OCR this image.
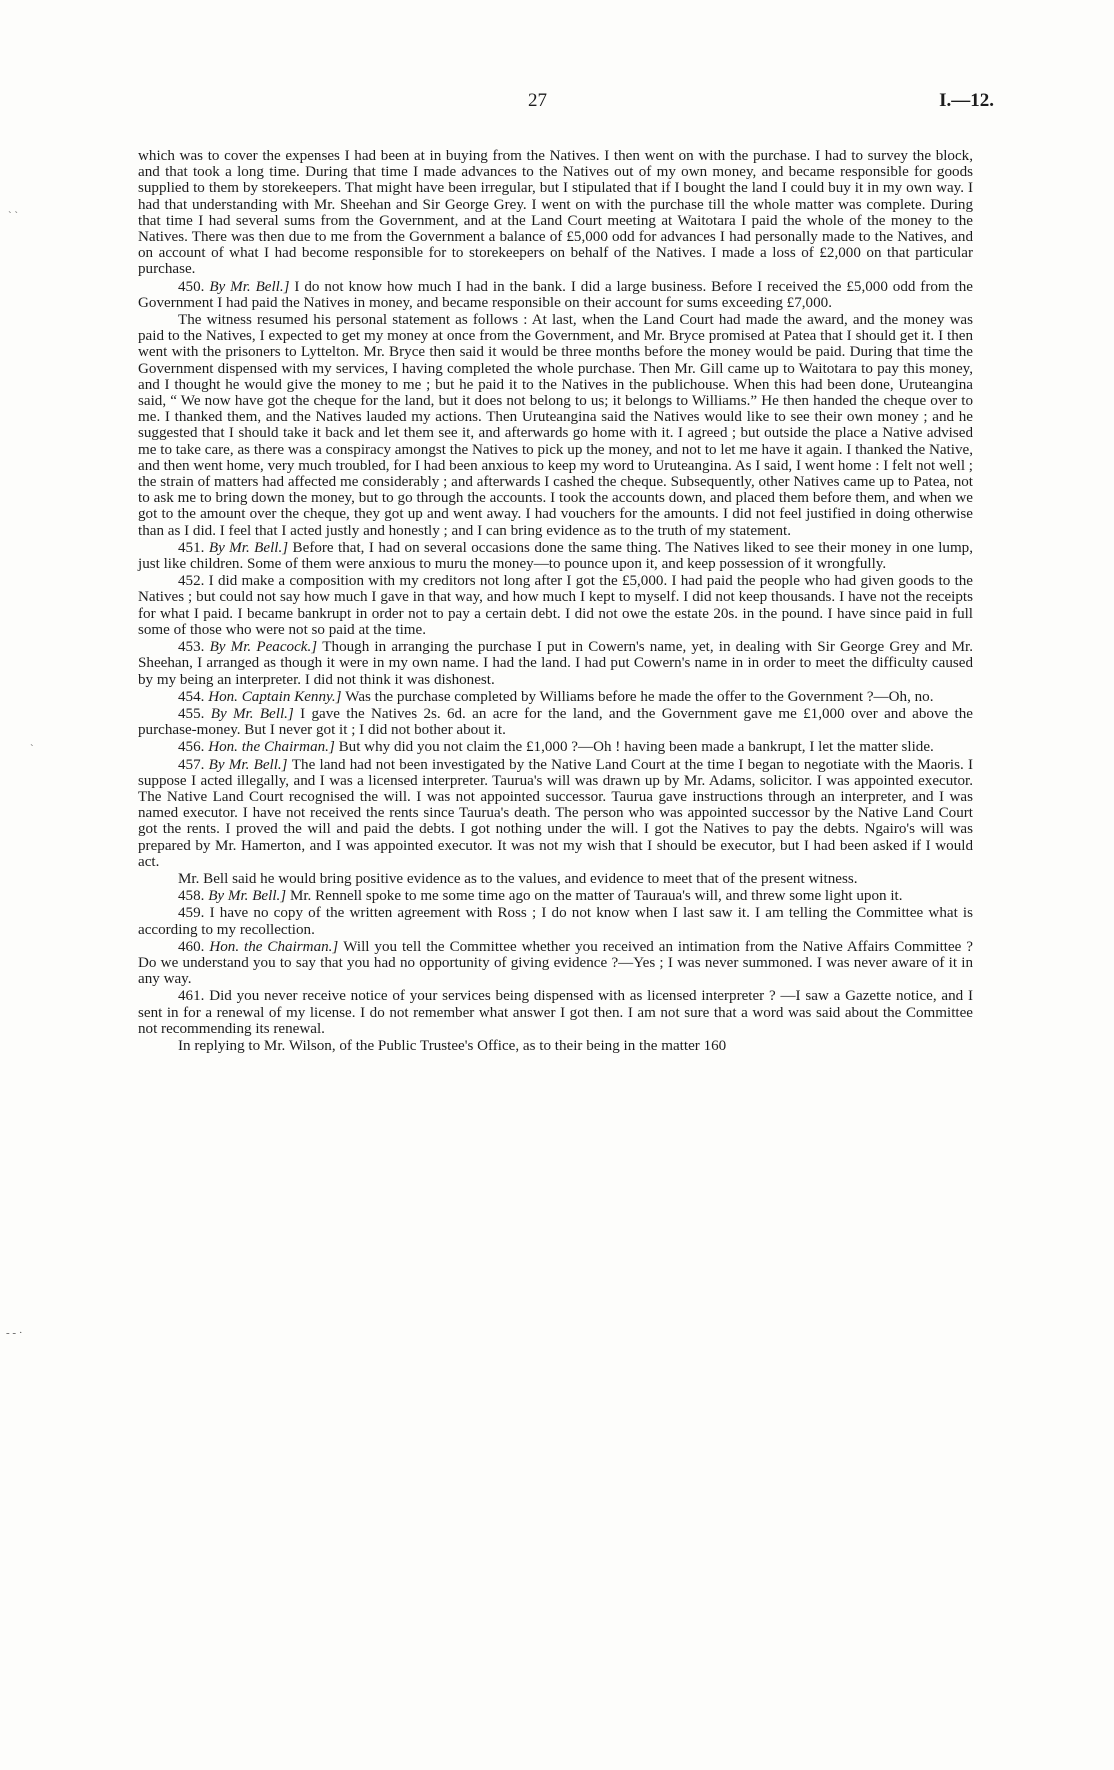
27	I.—12.
` `
`
- - ·

which was to cover the expenses I had been at in buying from the Natives. I then went on with the purchase. I had to survey the block, and that took a long time. During that time I made advances to the Natives out of my own money, and became responsible for goods supplied to them by storekeepers. That might have been irregular, but I stipulated that if I bought the land I could buy it in my own way. I had that understanding with Mr. Sheehan and Sir George Grey. I went on with the purchase till the whole matter was complete. During that time I had several sums from the Government, and at the Land Court meeting at Waitotara I paid the whole of the money to the Natives. There was then due to me from the Government a balance of £5,000 odd for advances I had personally made to the Natives, and on account of what I had become responsible for to storekeepers on behalf of the Natives. I made a loss of £2,000 on that particular purchase.

450. By Mr. Bell.] I do not know how much I had in the bank. I did a large business. Before I received the £5,000 odd from the Government I had paid the Natives in money, and became responsible on their account for sums exceeding £7,000.

The witness resumed his personal statement as follows : At last, when the Land Court had made the award, and the money was paid to the Natives, I expected to get my money at once from the Government, and Mr. Bryce promised at Patea that I should get it. I then went with the prisoners to Lyttelton. Mr. Bryce then said it would be three months before the money would be paid. During that time the Government dispensed with my services, I having completed the whole purchase. Then Mr. Gill came up to Waitotara to pay this money, and I thought he would give the money to me ; but he paid it to the Natives in the publichouse. When this had been done, Uruteangina said, “ We now have got the cheque for the land, but it does not belong to us; it belongs to Williams.” He then handed the cheque over to me. I thanked them, and the Natives lauded my actions. Then Uruteangina said the Natives would like to see their own money ; and he suggested that I should take it back and let them see it, and afterwards go home with it. I agreed ; but outside the place a Native advised me to take care, as there was a conspiracy amongst the Natives to pick up the money, and not to let me have it again. I thanked the Native, and then went home, very much troubled, for I had been anxious to keep my word to Uruteangina. As I said, I went home : I felt not well ; the strain of matters had affected me considerably ; and afterwards I cashed the cheque. Subsequently, other Natives came up to Patea, not to ask me to bring down the money, but to go through the accounts. I took the accounts down, and placed them before them, and when we got to the amount over the cheque, they got up and went away. I had vouchers for the amounts. I did not feel justified in doing otherwise than as I did. I feel that I acted justly and honestly ; and I can bring evidence as to the truth of my statement.

451. By Mr. Bell.] Before that, I had on several occasions done the same thing. The Natives liked to see their money in one lump, just like children. Some of them were anxious to muru the money—to pounce upon it, and keep possession of it wrongfully.

452. I did make a composition with my creditors not long after I got the £5,000. I had paid the people who had given goods to the Natives ; but could not say how much I gave in that way, and how much I kept to myself. I did not keep thousands. I have not the receipts for what I paid. I became bankrupt in order not to pay a certain debt. I did not owe the estate 20s. in the pound. I have since paid in full some of those who were not so paid at the time.

453. By Mr. Peacock.] Though in arranging the purchase I put in Cowern's name, yet, in dealing with Sir George Grey and Mr. Sheehan, I arranged as though it were in my own name. I had the land. I had put Cowern's name in in order to meet the difficulty caused by my being an interpreter. I did not think it was dishonest.

454. Hon. Captain Kenny.] Was the purchase completed by Williams before he made the offer to the Government ?—Oh, no.

455. By Mr. Bell.] I gave the Natives 2s. 6d. an acre for the land, and the Government gave me £1,000 over and above the purchase-money. But I never got it ; I did not bother about it.

456. Hon. the Chairman.] But why did you not claim the £1,000 ?—Oh ! having been made a bankrupt, I let the matter slide.

457. By Mr. Bell.] The land had not been investigated by the Native Land Court at the time I began to negotiate with the Maoris. I suppose I acted illegally, and I was a licensed interpreter. Taurua's will was drawn up by Mr. Adams, solicitor. I was appointed executor. The Native Land Court recognised the will. I was not appointed successor. Taurua gave instructions through an interpreter, and I was named executor. I have not received the rents since Taurua's death. The person who was appointed successor by the Native Land Court got the rents. I proved the will and paid the debts. I got nothing under the will. I got the Natives to pay the debts. Ngairo's will was prepared by Mr. Hamerton, and I was appointed executor. It was not my wish that I should be executor, but I had been asked if I would act.

Mr. Bell said he would bring positive evidence as to the values, and evidence to meet that of the present witness.

458. By Mr. Bell.] Mr. Rennell spoke to me some time ago on the matter of Tauraua's will, and threw some light upon it.

459. I have no copy of the written agreement with Ross ; I do not know when I last saw it. I am telling the Committee what is according to my recollection.

460. Hon. the Chairman.] Will you tell the Committee whether you received an intimation from the Native Affairs Committee ? Do we understand you to say that you had no opportunity of giving evidence ?—Yes ; I was never summoned. I was never aware of it in any way.

461. Did you never receive notice of your services being dispensed with as licensed interpreter ? —I saw a Gazette notice, and I sent in for a renewal of my license. I do not remember what answer I got then. I am not sure that a word was said about the Committee not recommending its renewal.

In replying to Mr. Wilson, of the Public Trustee's Office, as to their being in the matter 160
